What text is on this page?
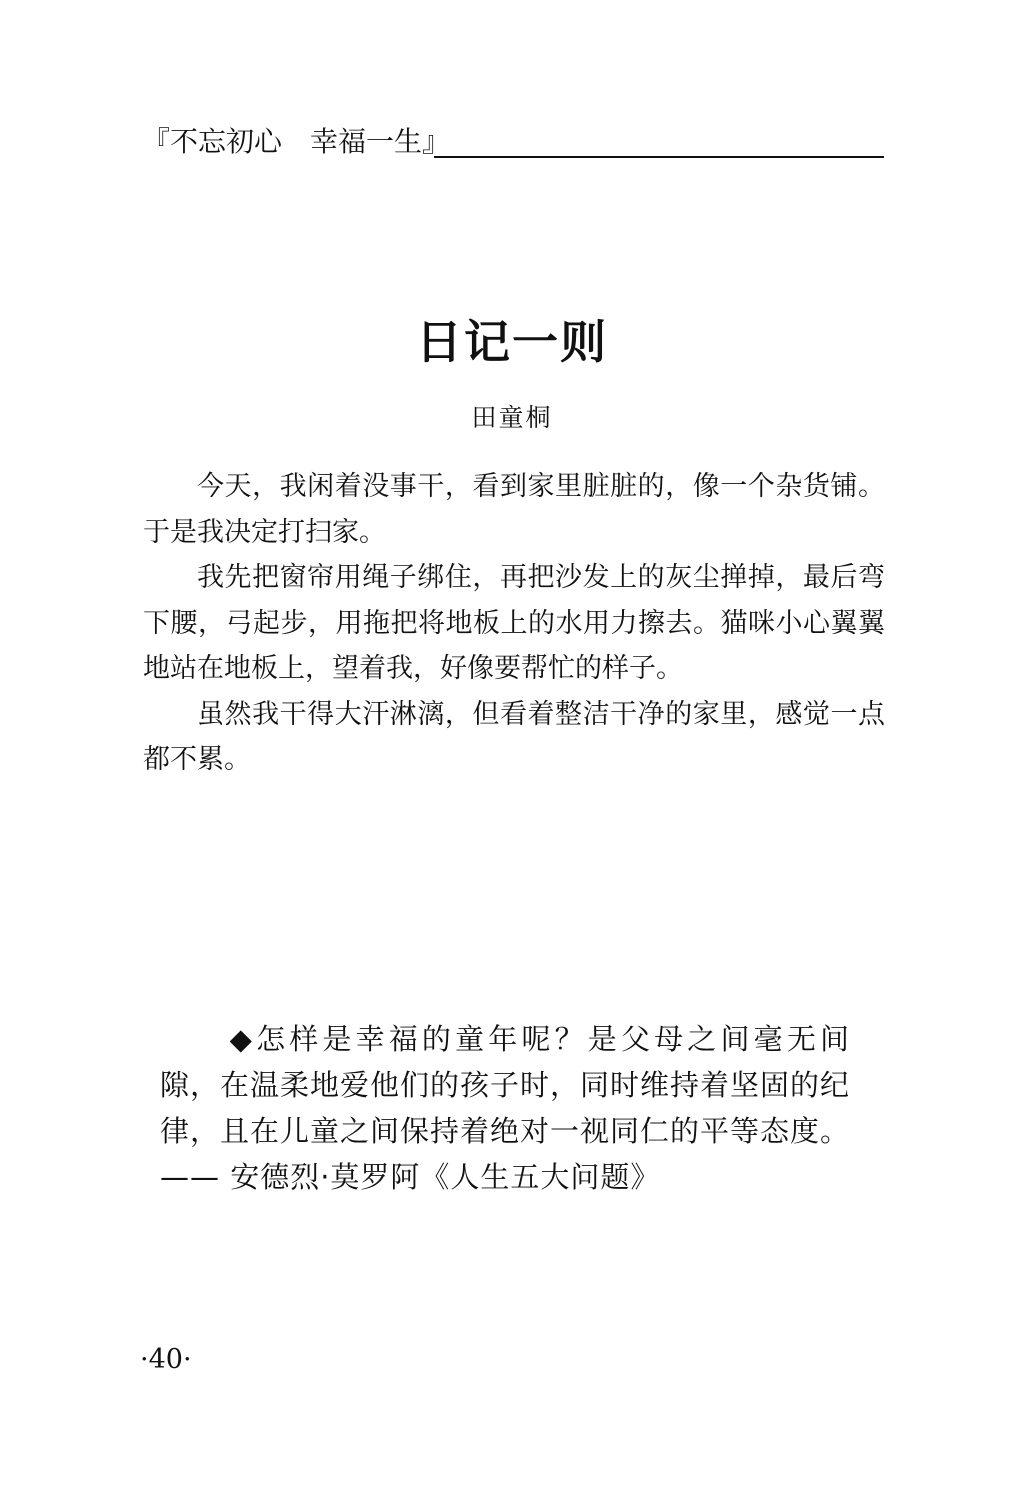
『不忘初心　幸福一生』
日记一则
田童桐

今天，我闲着没事干，看到家里脏脏的，像一个杂货铺。于是我决定打扫家。

我先把窗帘用绳子绑住，再把沙发上的灰尘掸掉，最后弯下腰，弓起步，用拖把将地板上的水用力擦去。猫咪小心翼翼地站在地板上，望着我，好像要帮忙的样子。

虽然我干得大汗淋漓，但看着整洁干净的家里，感觉一点都不累。

◆怎样是幸福的童年呢？是父母之间毫无间隙，在温柔地爱他们的孩子时，同时维持着坚固的纪律，且在儿童之间保持着绝对一视同仁的平等态度。—— 安德烈·莫罗阿《人生五大问题》
·40·
